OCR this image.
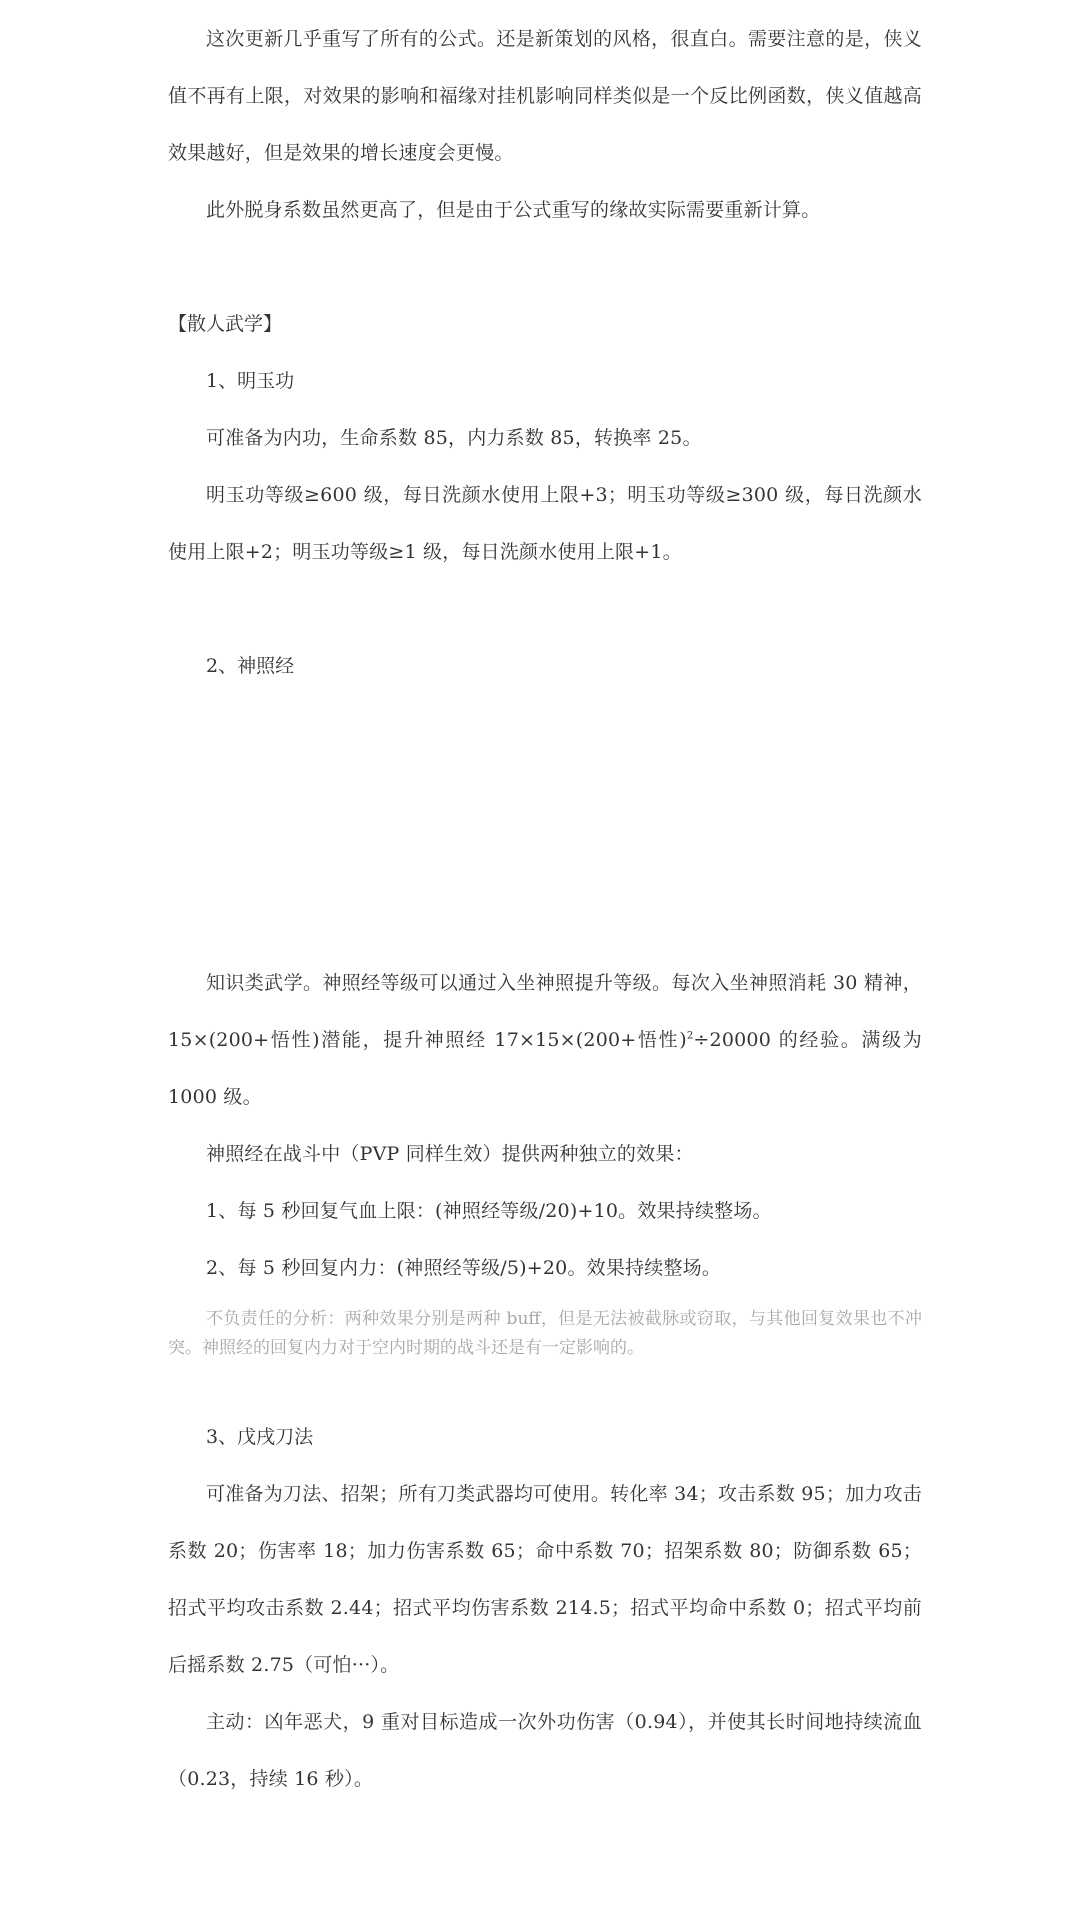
这次更新几乎重写了所有的公式。还是新策划的风格，很直白。需要注意的是，侠义值不再有上限，对效果的影响和福缘对挂机影响同样类似是一个反比例函数，侠义值越高效果越好，但是效果的增长速度会更慢。

此外脱身系数虽然更高了，但是由于公式重写的缘故实际需要重新计算。

【散人武学】

1、明玉功

可准备为内功，生命系数 85，内力系数 85，转换率 25。

明玉功等级≥600 级，每日洗颜水使用上限+3；明玉功等级≥300 级，每日洗颜水使用上限+2；明玉功等级≥1 级，每日洗颜水使用上限+1。

2、神照经

知识类武学。神照经等级可以通过入坐神照提升等级。每次入坐神照消耗 30 精神，15×(200+悟性)潜能，提升神照经 17×15×(200+悟性)$^2$÷20000 的经验。满级为 1000 级。

神照经在战斗中（PVP 同样生效）提供两种独立的效果：

1、每 5 秒回复气血上限：(神照经等级/20)+10。效果持续整场。

2、每 5 秒回复内力：(神照经等级/5)+20。效果持续整场。

不负责任的分析：两种效果分别是两种 buff，但是无法被截脉或窃取，与其他回复效果也不冲突。神照经的回复内力对于空内时期的战斗还是有一定影响的。

3、戊戌刀法

可准备为刀法、招架；所有刀类武器均可使用。转化率 34；攻击系数 95；加力攻击系数 20；伤害率 18；加力伤害系数 65；命中系数 70；招架系数 80；防御系数 65；招式平均攻击系数 2.44；招式平均伤害系数 214.5；招式平均命中系数 0；招式平均前后摇系数 2.75（可怕···）。

主动：凶年恶犬，9 重对目标造成一次外功伤害（0.94），并使其长时间地持续流血（0.23，持续 16 秒）。
